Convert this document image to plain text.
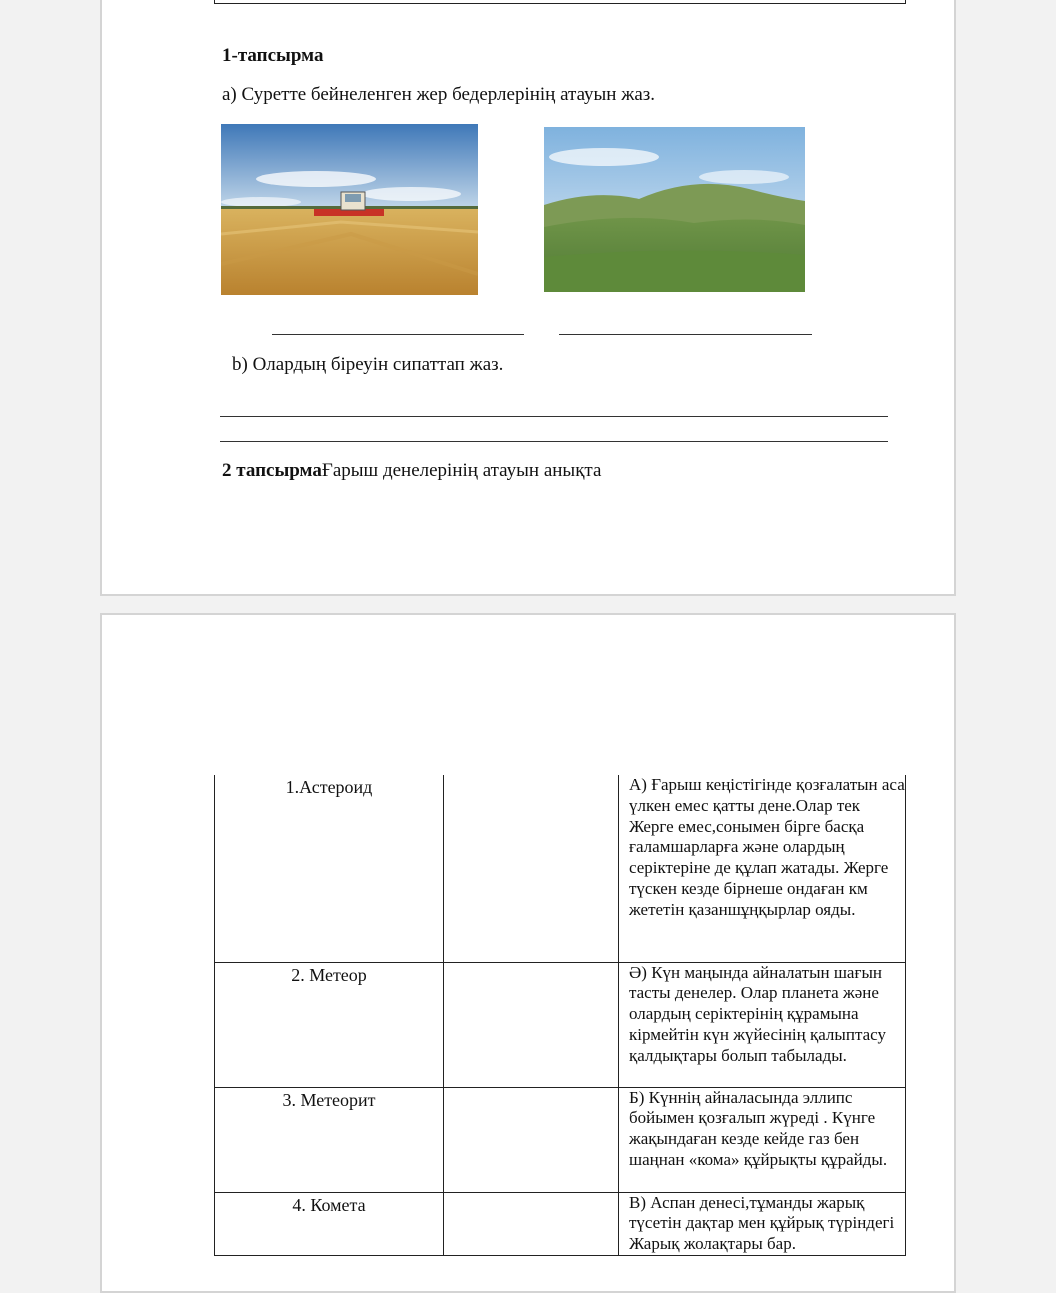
1-тапсырма
а) Суретте бейнеленген жер бедерлерінің атауын жаз.
b) Олардың біреуін сипаттап жаз.
2 тапсырмаҒарыш денелерінің атауын анықта
1.Астероид		А) Ғарыш кеңістігінде қозғалатын аса үлкен емес қатты дене.Олар тек Жерге емес,сонымен бірге басқа ғаламшарларға және олардың серіктеріне де құлап жатады. Жерге түскен кезде бірнеше ондаған км жететін қазаншұңқырлар ояды.
2. Метеор		Ә) Күн маңында айналатын шағын тасты денелер. Олар планета және олардың серіктерінің құрамына кірмейтін күн жүйесінің қалыптасу қалдықтары болып табылады.
3. Метеорит		Б) Күннің айналасында эллипс бойымен қозғалып жүреді . Күнге жақындаған кезде кейде газ бен шаңнан «кома» құйрықты құрайды.
4. Комета		В) Аспан денесі,тұманды жарық түсетін дақтар мен құйрық түріндегі Жарық жолақтары бар.
